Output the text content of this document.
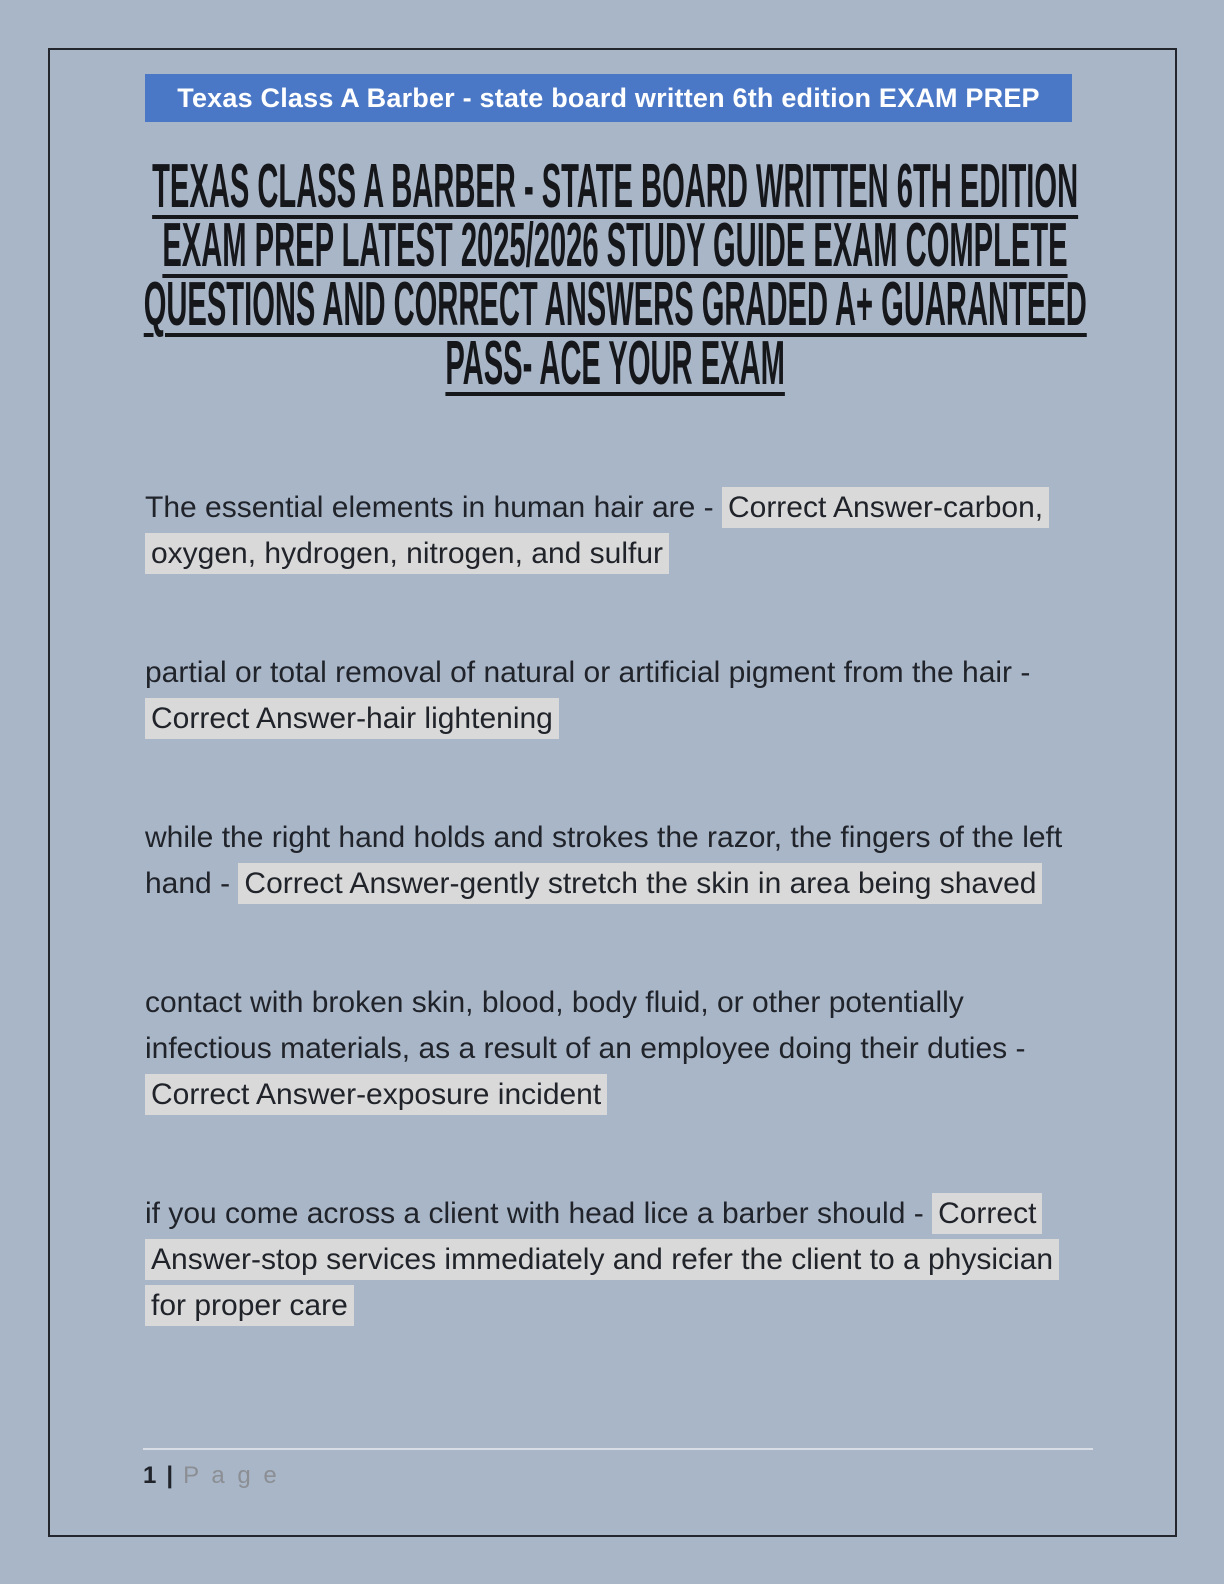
Texas Class A Barber - state board written 6th edition EXAM PREP
TEXAS CLASS A BARBER - STATE BOARD WRITTEN 6TH EDITION
EXAM PREP LATEST 2025/2026 STUDY GUIDE EXAM COMPLETE
QUESTIONS AND CORRECT ANSWERS GRADED A+ GUARANTEED
PASS- ACE YOUR EXAM

The essential elements in human hair are - Correct Answer-carbon, oxygen, hydrogen, nitrogen, and sulfur

partial or total removal of natural or artificial pigment from the hair - Correct Answer-hair lightening

while the right hand holds and strokes the razor, the fingers of the left hand - Correct Answer-gently stretch the skin in area being shaved

contact with broken skin, blood, body fluid, or other potentially infectious materials, as a result of an employee doing their duties - Correct Answer-exposure incident

if you come across a client with head lice a barber should - Correct Answer-stop services immediately and refer the client to a physician for proper care

1 | P a g e
